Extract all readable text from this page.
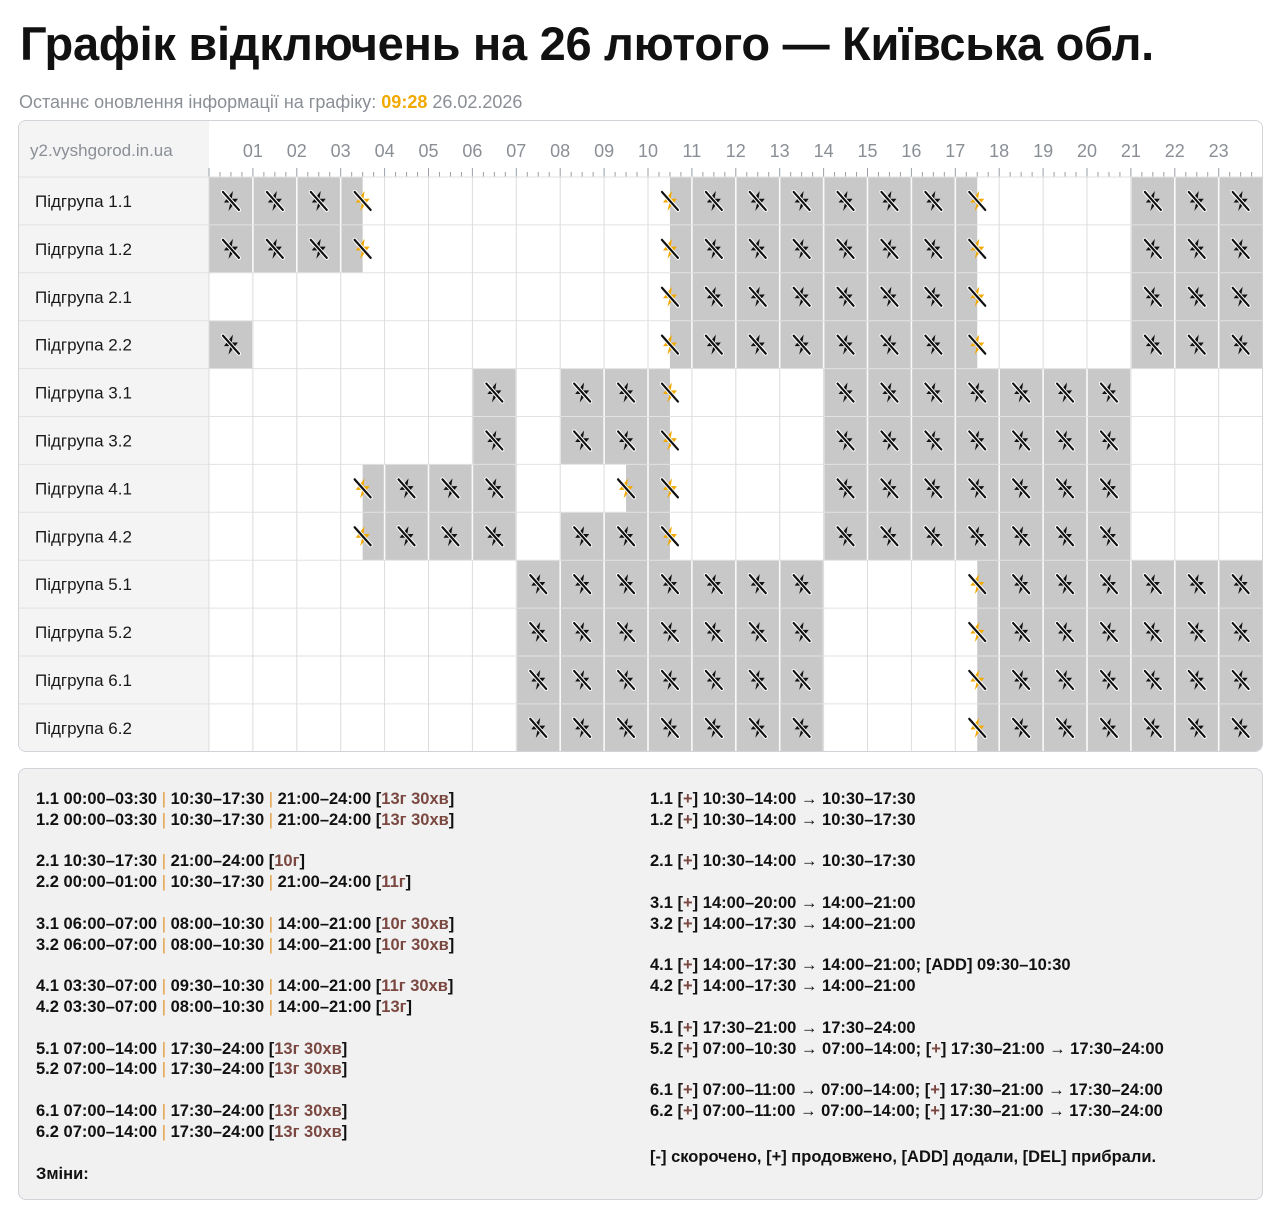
Графік відключень на 26 лютого — Київська обл.
Останнє оновлення інформації на графіку: 09:28 26.02.2026
01 02 03 04 05 06 07 08 09 10 11 12 13 14 15 16 17 18 19 20 21 22 23
Підгрупа 1.1
Підгрупа 1.2
Підгрупа 2.1
Підгрупа 2.2
Підгрупа 3.1
Підгрупа 3.2
Підгрупа 4.1
Підгрупа 4.2
Підгрупа 5.1
Підгрупа 5.2
Підгрупа 6.1
Підгрупа 6.2
y2.vyshgorod.in.ua
1.1 00:00–03:30 | 10:30–17:30 | 21:00–24:00 [13г 30хв]
1.2 00:00–03:30 | 10:30–17:30 | 21:00–24:00 [13г 30хв]
2.1 10:30–17:30 | 21:00–24:00 [10г]
2.2 00:00–01:00 | 10:30–17:30 | 21:00–24:00 [11г]
3.1 06:00–07:00 | 08:00–10:30 | 14:00–21:00 [10г 30хв]
3.2 06:00–07:00 | 08:00–10:30 | 14:00–21:00 [10г 30хв]
4.1 03:30–07:00 | 09:30–10:30 | 14:00–21:00 [11г 30хв]
4.2 03:30–07:00 | 08:00–10:30 | 14:00–21:00 [13г]
5.1 07:00–14:00 | 17:30–24:00 [13г 30хв]
5.2 07:00–14:00 | 17:30–24:00 [13г 30хв]
6.1 07:00–14:00 | 17:30–24:00 [13г 30хв]
6.2 07:00–14:00 | 17:30–24:00 [13г 30хв]
1.1 [+] 10:30–14:00 → 10:30–17:30
1.2 [+] 10:30–14:00 → 10:30–17:30
2.1 [+] 10:30–14:00 → 10:30–17:30
3.1 [+] 14:00–20:00 → 14:00–21:00
3.2 [+] 14:00–17:30 → 14:00–21:00
4.1 [+] 14:00–17:30 → 14:00–21:00; [ADD] 09:30–10:30
4.2 [+] 14:00–17:30 → 14:00–21:00
5.1 [+] 17:30–21:00 → 17:30–24:00
5.2 [+] 07:00–10:30 → 07:00–14:00; [+] 17:30–21:00 → 17:30–24:00
6.1 [+] 07:00–11:00 → 07:00–14:00; [+] 17:30–21:00 → 17:30–24:00
6.2 [+] 07:00–11:00 → 07:00–14:00; [+] 17:30–21:00 → 17:30–24:00
[-] скорочено, [+] продовжено, [ADD] додали, [DEL] прибрали.
Зміни:
